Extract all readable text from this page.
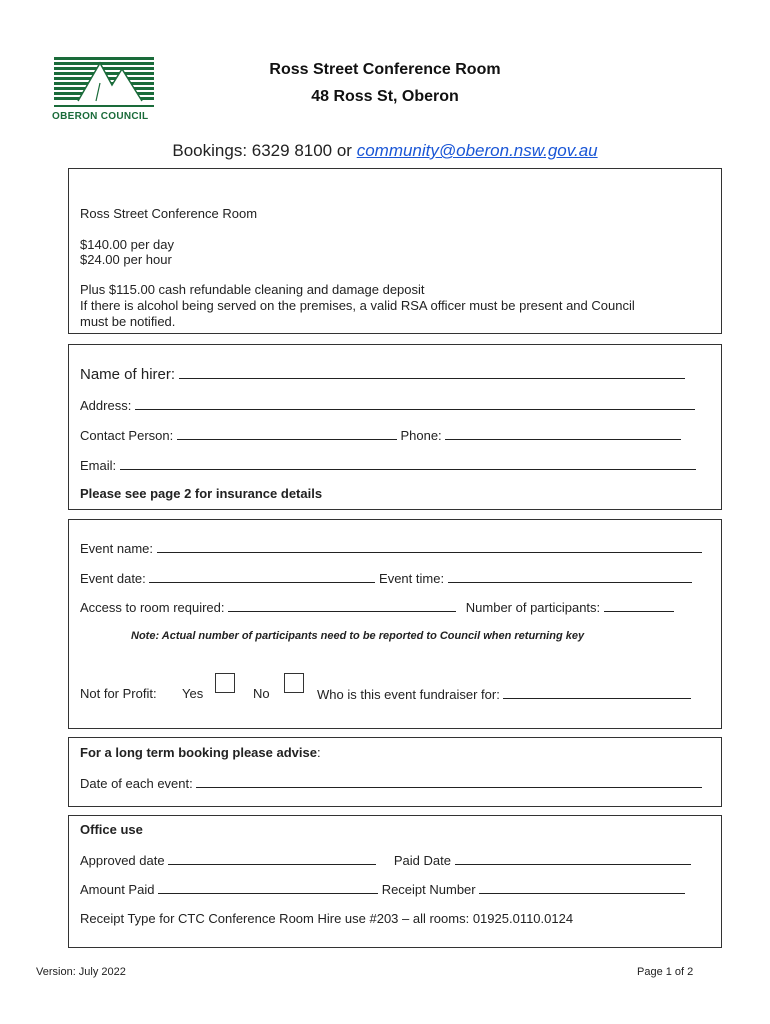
OBERON COUNCIL
Ross Street Conference Room
48 Ross St, Oberon
Bookings: 6329 8100 or community@oberon.nsw.gov.au
Ross Street Conference Room
$140.00 per day
$24.00 per hour
Plus $115.00 cash refundable cleaning and damage deposit
If there is alcohol being served on the premises, a valid RSA officer must be present and Council
must be notified.
Name of hirer:
Address:
Contact Person:	Phone:
Email:
Please see page 2 for insurance details
Event name:
Event date:	Event time:
Access to room required:	Number of participants:
Note: Actual number of participants need to be reported to Council when returning key
Not for Profit: Yes	No	Who is this event fundraiser for:
For a long term booking please advise:
Date of each event:
Office use
Approved date	Paid Date
Amount Paid	Receipt Number
Receipt Type for CTC Conference Room Hire use #203 – all rooms: 01925.0110.0124
Version: July 2022	Page 1 of 2
